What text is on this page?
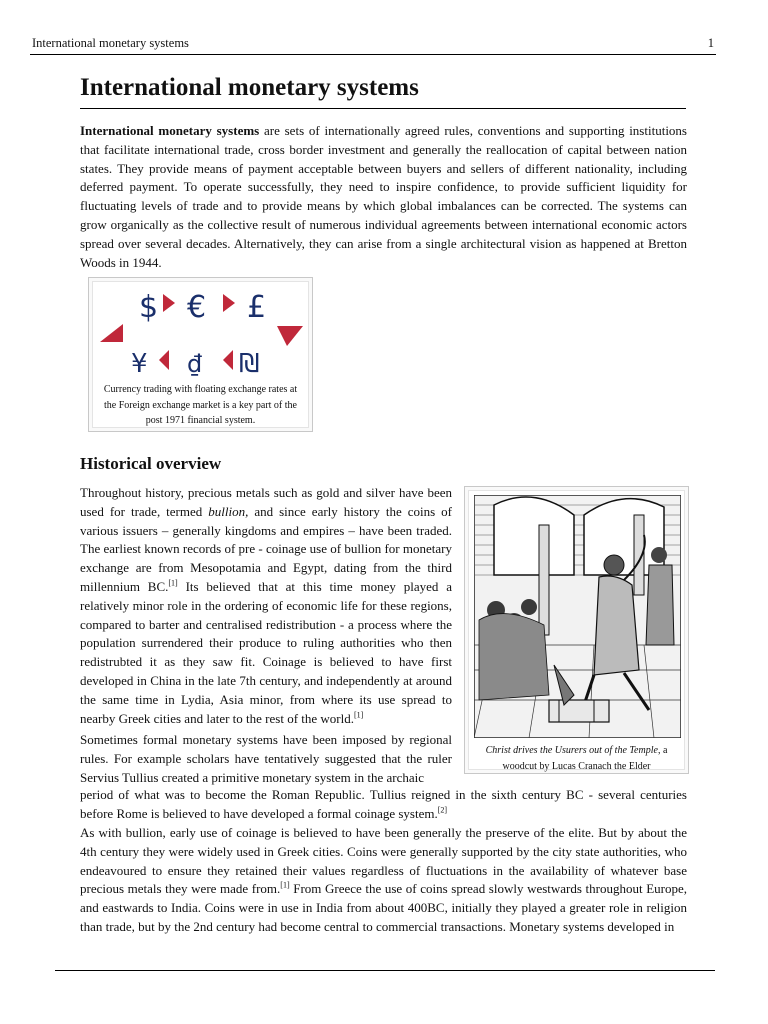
International monetary systems	1
International monetary systems

International monetary systems are sets of internationally agreed rules, conventions and supporting institutions that facilitate international trade, cross border investment and generally the reallocation of capital between nation states. They provide means of payment acceptable between buyers and sellers of different nationality, including deferred payment. To operate successfully, they need to inspire confidence, to provide sufficient liquidity for fluctuating levels of trade and to provide means by which global imbalances can be corrected. The systems can grow organically as the collective result of numerous individual agreements between international economic actors spread over several decades. Alternatively, they can arise from a single architectural vision as happened at Bretton Woods in 1944.

$ € £
¥ ₫ ₪
Currency trading with floating exchange rates at the Foreign exchange market is a key part of the post 1971 financial system.
Historical overview

Throughout history, precious metals such as gold and silver have been used for trade, termed bullion, and since early history the coins of various issuers – generally kingdoms and empires – have been traded. The earliest known records of pre - coinage use of bullion for monetary exchange are from Mesopotamia and Egypt, dating from the third millennium BC.[1] Its believed that at this time money played a relatively minor role in the ordering of economic life for these regions, compared to barter and centralised redistribution - a process where the population surrendered their produce to ruling authorities who then redistrubted it as they saw fit. Coinage is believed to have first developed in China in the late 7th century, and independently at around the same time in Lydia, Asia minor, from where its use spread to nearby Greek cities and later to the rest of the world.[1]

Christ drives the Usurers out of the Temple, a woodcut by Lucas Cranach the Elder

Sometimes formal monetary systems have been imposed by regional rules. For example scholars have tentatively suggested that the ruler Servius Tullius created a primitive monetary system in the archaic

period of what was to become the Roman Republic. Tullius reigned in the sixth century BC - several centuries before Rome is believed to have developed a formal coinage system.[2]

As with bullion, early use of coinage is believed to have been generally the preserve of the elite. But by about the 4th century they were widely used in Greek cities. Coins were generally supported by the city state authorities, who endeavoured to ensure they retained their values regardless of fluctuations in the availability of whatever base precious metals they were made from.[1] From Greece the use of coins spread slowly westwards throughout Europe, and eastwards to India. Coins were in use in India from about 400BC, initially they played a greater role in religion than trade, but by the 2nd century had become central to commercial transactions. Monetary systems developed in
